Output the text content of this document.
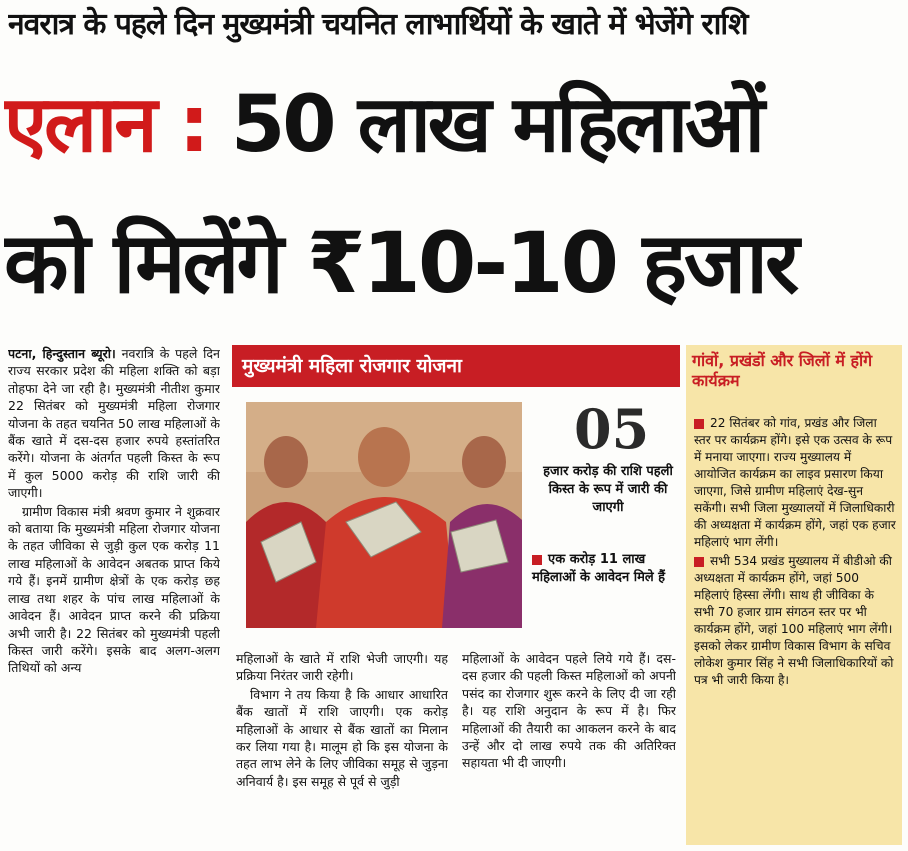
नवरात्र के पहले दिन मुख्यमंत्री चयनित लाभार्थियों के खाते में भेजेंगे राशि
एलान : 50 लाख महिलाओं
को मिलेंगे ₹10-10 हजार

पटना, हिन्दुस्तान ब्यूरो। नवरात्रि के पहले दिन राज्य सरकार प्रदेश की महिला शक्ति को बड़ा तोहफा देने जा रही है। मुख्यमंत्री नीतीश कुमार 22 सितंबर को मुख्यमंत्री महिला रोजगार योजना के तहत चयनित 50 लाख महिलाओं के बैंक खाते में दस-दस हजार रुपये हस्तांतरित करेंगे। योजना के अंतर्गत पहली किस्त के रूप में कुल 5000 करोड़ की राशि जारी की जाएगी।

ग्रामीण विकास मंत्री श्रवण कुमार ने शुक्रवार को बताया कि मुख्यमंत्री महिला रोजगार योजना के तहत जीविका से जुड़ी कुल एक करोड़ 11 लाख महिलाओं के आवेदन अबतक प्राप्त किये गये हैं। इनमें ग्रामीण क्षेत्रों के एक करोड़ छह लाख तथा शहर के पांच लाख महिलाओं के आवेदन हैं। आवेदन प्राप्त करने की प्रक्रिया अभी जारी है। 22 सितंबर को मुख्यमंत्री पहली किस्त जारी करेंगे। इसके बाद अलग-अलग तिथियों को अन्य

मुख्यमंत्री महिला रोजगार योजना
05
हजार करोड़ की राशि पहली किस्त के रूप में जारी की जाएगी
एक करोड़ 11 लाख महिलाओं के आवेदन मिले हैं

महिलाओं के खाते में राशि भेजी जाएगी। यह प्रक्रिया निरंतर जारी रहेगी।

विभाग ने तय किया है कि आधार आधारित बैंक खातों में राशि जाएगी। एक करोड़ महिलाओं के आधार से बैंक खातों का मिलान कर लिया गया है। मालूम हो कि इस योजना के तहत लाभ लेने के लिए जीविका समूह से जुड़ना अनिवार्य है। इस समूह से पूर्व से जुड़ी

महिलाओं के आवेदन पहले लिये गये हैं। दस-दस हजार की पहली किस्त महिलाओं को अपनी पसंद का रोजगार शुरू करने के लिए दी जा रही है। यह राशि अनुदान के रूप में है। फिर महिलाओं की तैयारी का आकलन करने के बाद उन्हें और दो लाख रुपये तक की अतिरिक्त सहायता भी दी जाएगी।

गांवों, प्रखंडों और जिलों में होंगे कार्यक्रम

22 सितंबर को गांव, प्रखंड और जिला स्तर पर कार्यक्रम होंगे। इसे एक उत्सव के रूप में मनाया जाएगा। राज्य मुख्यालय में आयोजित कार्यक्रम का लाइव प्रसारण किया जाएगा, जिसे ग्रामीण महिलाएं देख-सुन सकेंगी। सभी जिला मुख्यालयों में जिलाधिकारी की अध्यक्षता में कार्यक्रम होंगे, जहां एक हजार महिलाएं भाग लेंगी।

सभी 534 प्रखंड मुख्यालय में बीडीओ की अध्यक्षता में कार्यक्रम होंगे, जहां 500 महिलाएं हिस्सा लेंगी। साथ ही जीविका के सभी 70 हजार ग्राम संगठन स्तर पर भी कार्यक्रम होंगे, जहां 100 महिलाएं भाग लेंगी। इसको लेकर ग्रामीण विकास विभाग के सचिव लोकेश कुमार सिंह ने सभी जिलाधिकारियों को पत्र भी जारी किया है।
